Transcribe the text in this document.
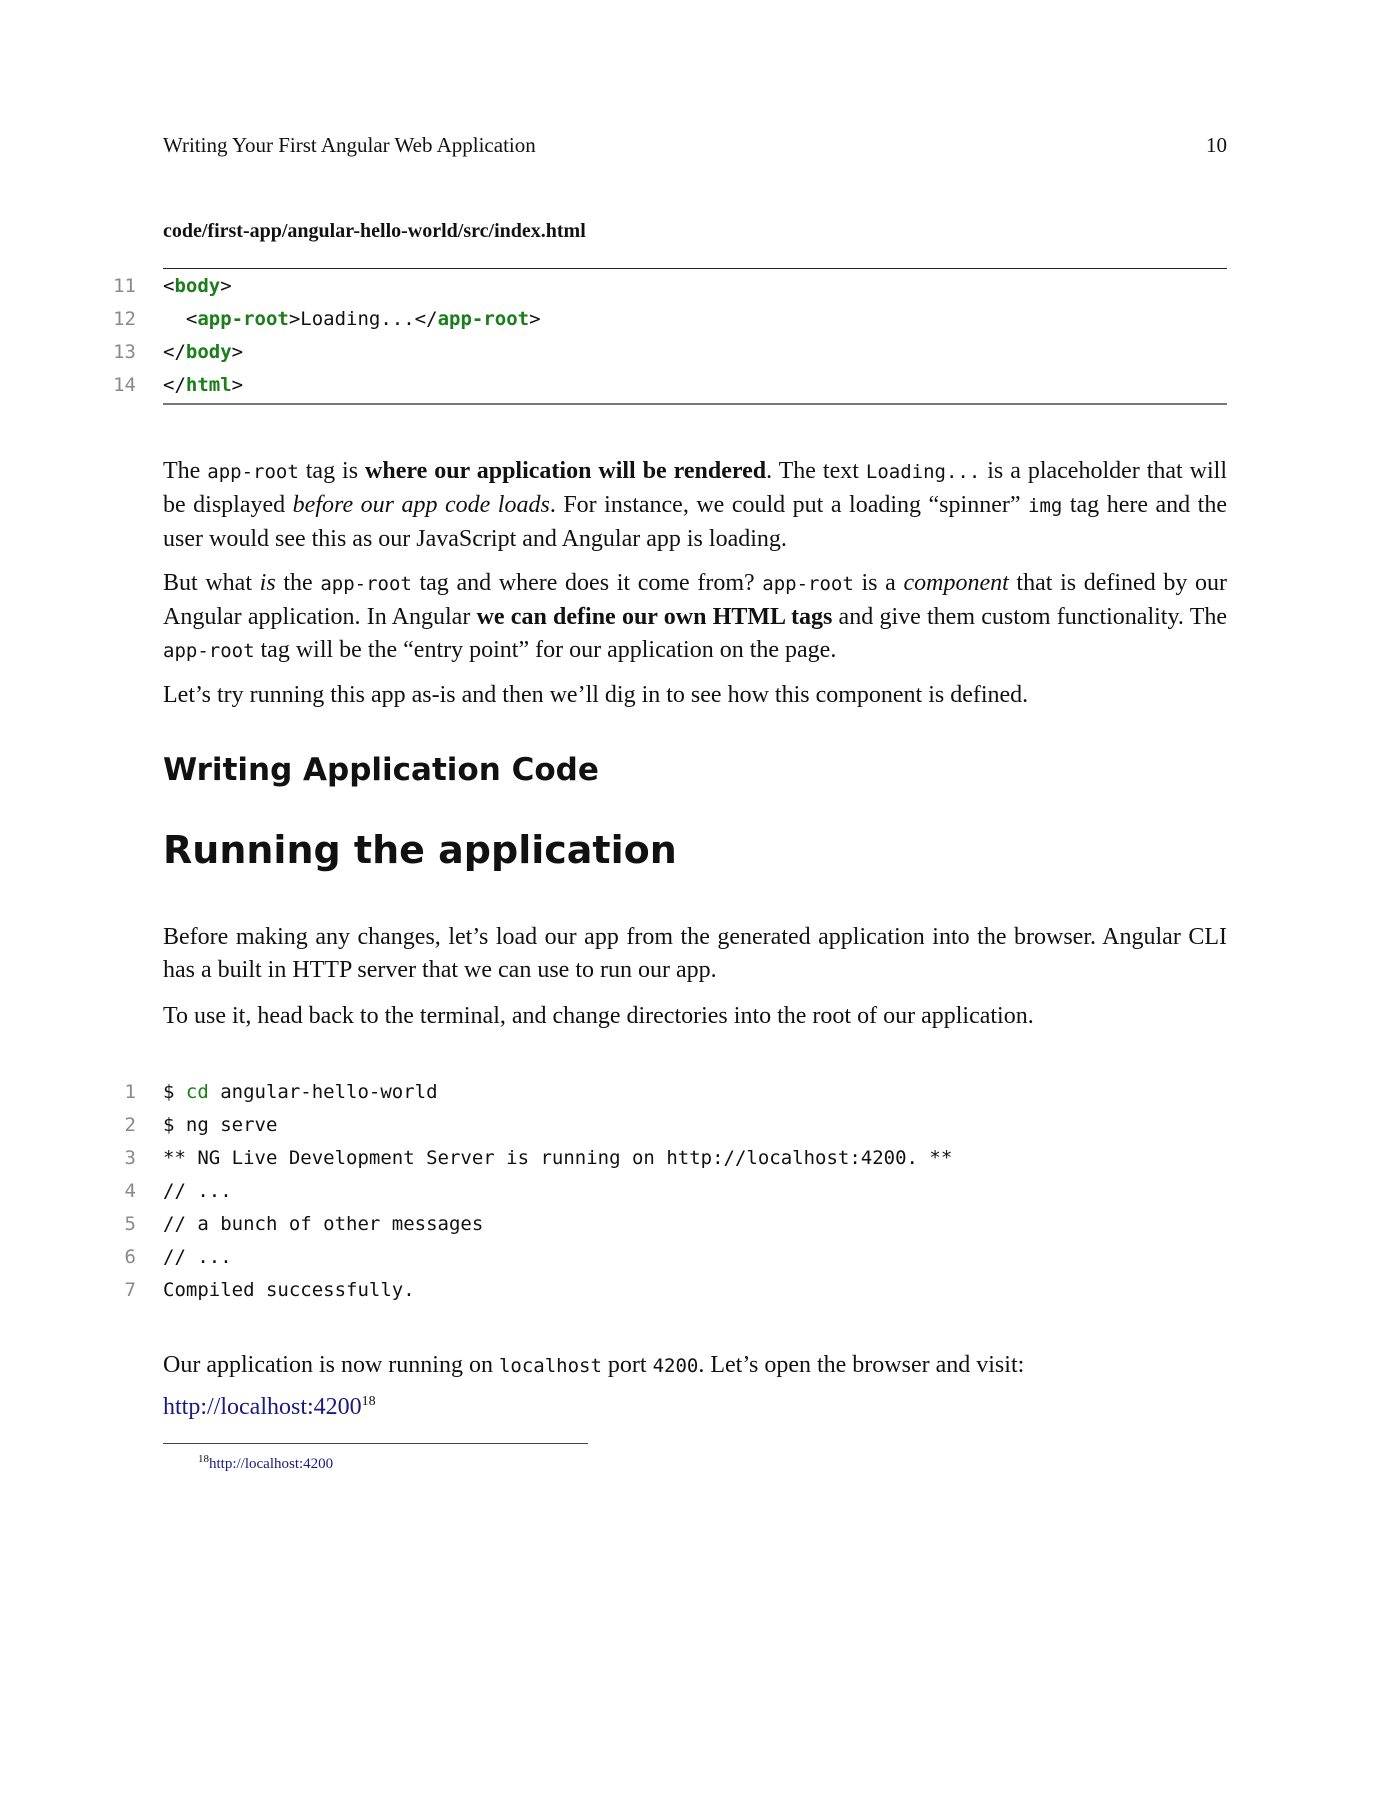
Writing Your First Angular Web Application	10
code/first-app/angular-hello-world/src/index.html
11 <body>
12 <app-root>Loading...</app-root>
13 </body>
14 </html>
The app-root tag is where our application will be rendered. The text Loading... is a placeholder that will be displayed before our app code loads. For instance, we could put a loading “spinner” img tag here and the user would see this as our JavaScript and Angular app is loading.
But what is the app-root tag and where does it come from? app-root is a component that is defined by our Angular application. In Angular we can define our own HTML tags and give them custom functionality. The app-root tag will be the “entry point” for our application on the page.
Let’s try running this app as-is and then we’ll dig in to see how this component is defined.
Writing Application Code
Running the application
Before making any changes, let’s load our app from the generated application into the browser. Angular CLI has a built in HTTP server that we can use to run our app.
To use it, head back to the terminal, and change directories into the root of our application.
1 $ cd angular-hello-world
2 $ ng serve
3 ** NG Live Development Server is running on http://localhost:4200. **
4 // ...
5 // a bunch of other messages
6 // ...
7 Compiled successfully.
Our application is now running on localhost port 4200. Let’s open the browser and visit:
http://localhost:4200$^{18}$
$^{18}$http://localhost:4200
